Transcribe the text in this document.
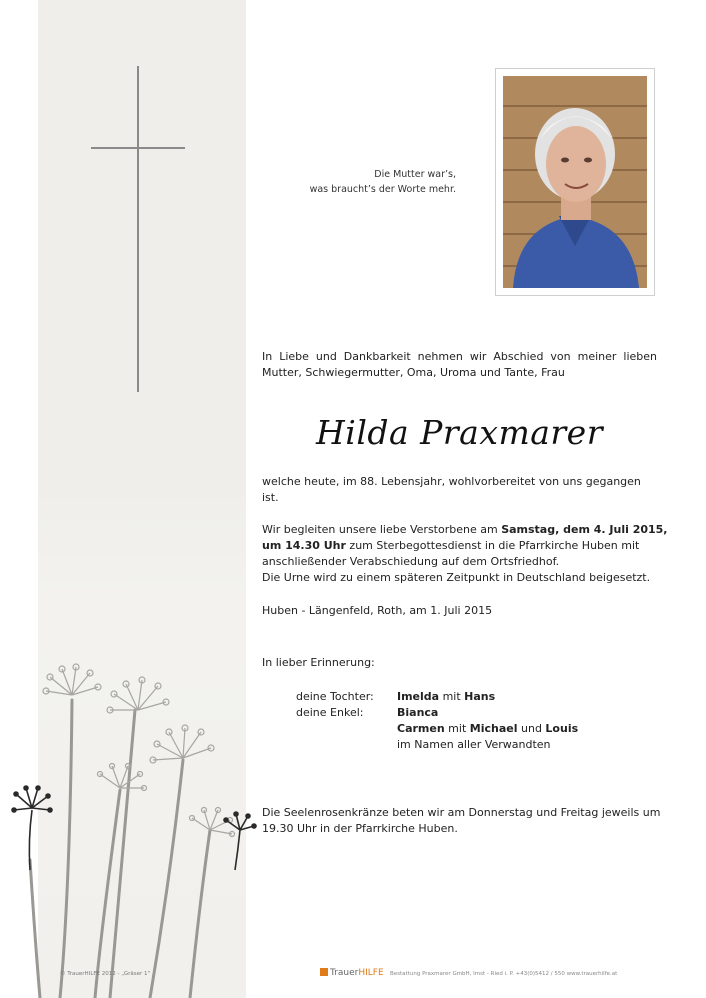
Die Mutter war’s,
was braucht’s der Worte mehr.
In Liebe und Dankbarkeit nehmen wir Abschied von meiner lieben
Mutter, Schwiegermutter, Oma, Uroma und Tante, Frau
Hilda Praxmarer
welche heute, im 88. Lebensjahr, wohlvorbereitet von uns gegangen ist.
Wir begleiten unsere liebe Verstorbene am Samstag, dem 4. Juli 2015,
um 14.30 Uhr zum Sterbegottesdienst in die Pfarrkirche Huben mit
anschließender Verabschiedung auf dem Ortsfriedhof.
Die Urne wird zu einem späteren Zeitpunkt in Deutschland beigesetzt.
Huben - Längenfeld, Roth, am 1. Juli 2015
In lieber Erinnerung:
deine Tochter: Imelda mit Hans
deine Enkel:	Bianca
Carmen mit Michael und Louis
im Namen aller Verwandten
Die Seelenrosenkränze beten wir am Donnerstag und Freitag jeweils um
19.30 Uhr in der Pfarrkirche Huben.
© TrauerHILFE 2012 - „Gräser 1“	TrauerHILFE Bestattung Praxmarer GmbH, Imst - Ried i. P. +43(0)5412 / 550 www.trauerhilfe.at
